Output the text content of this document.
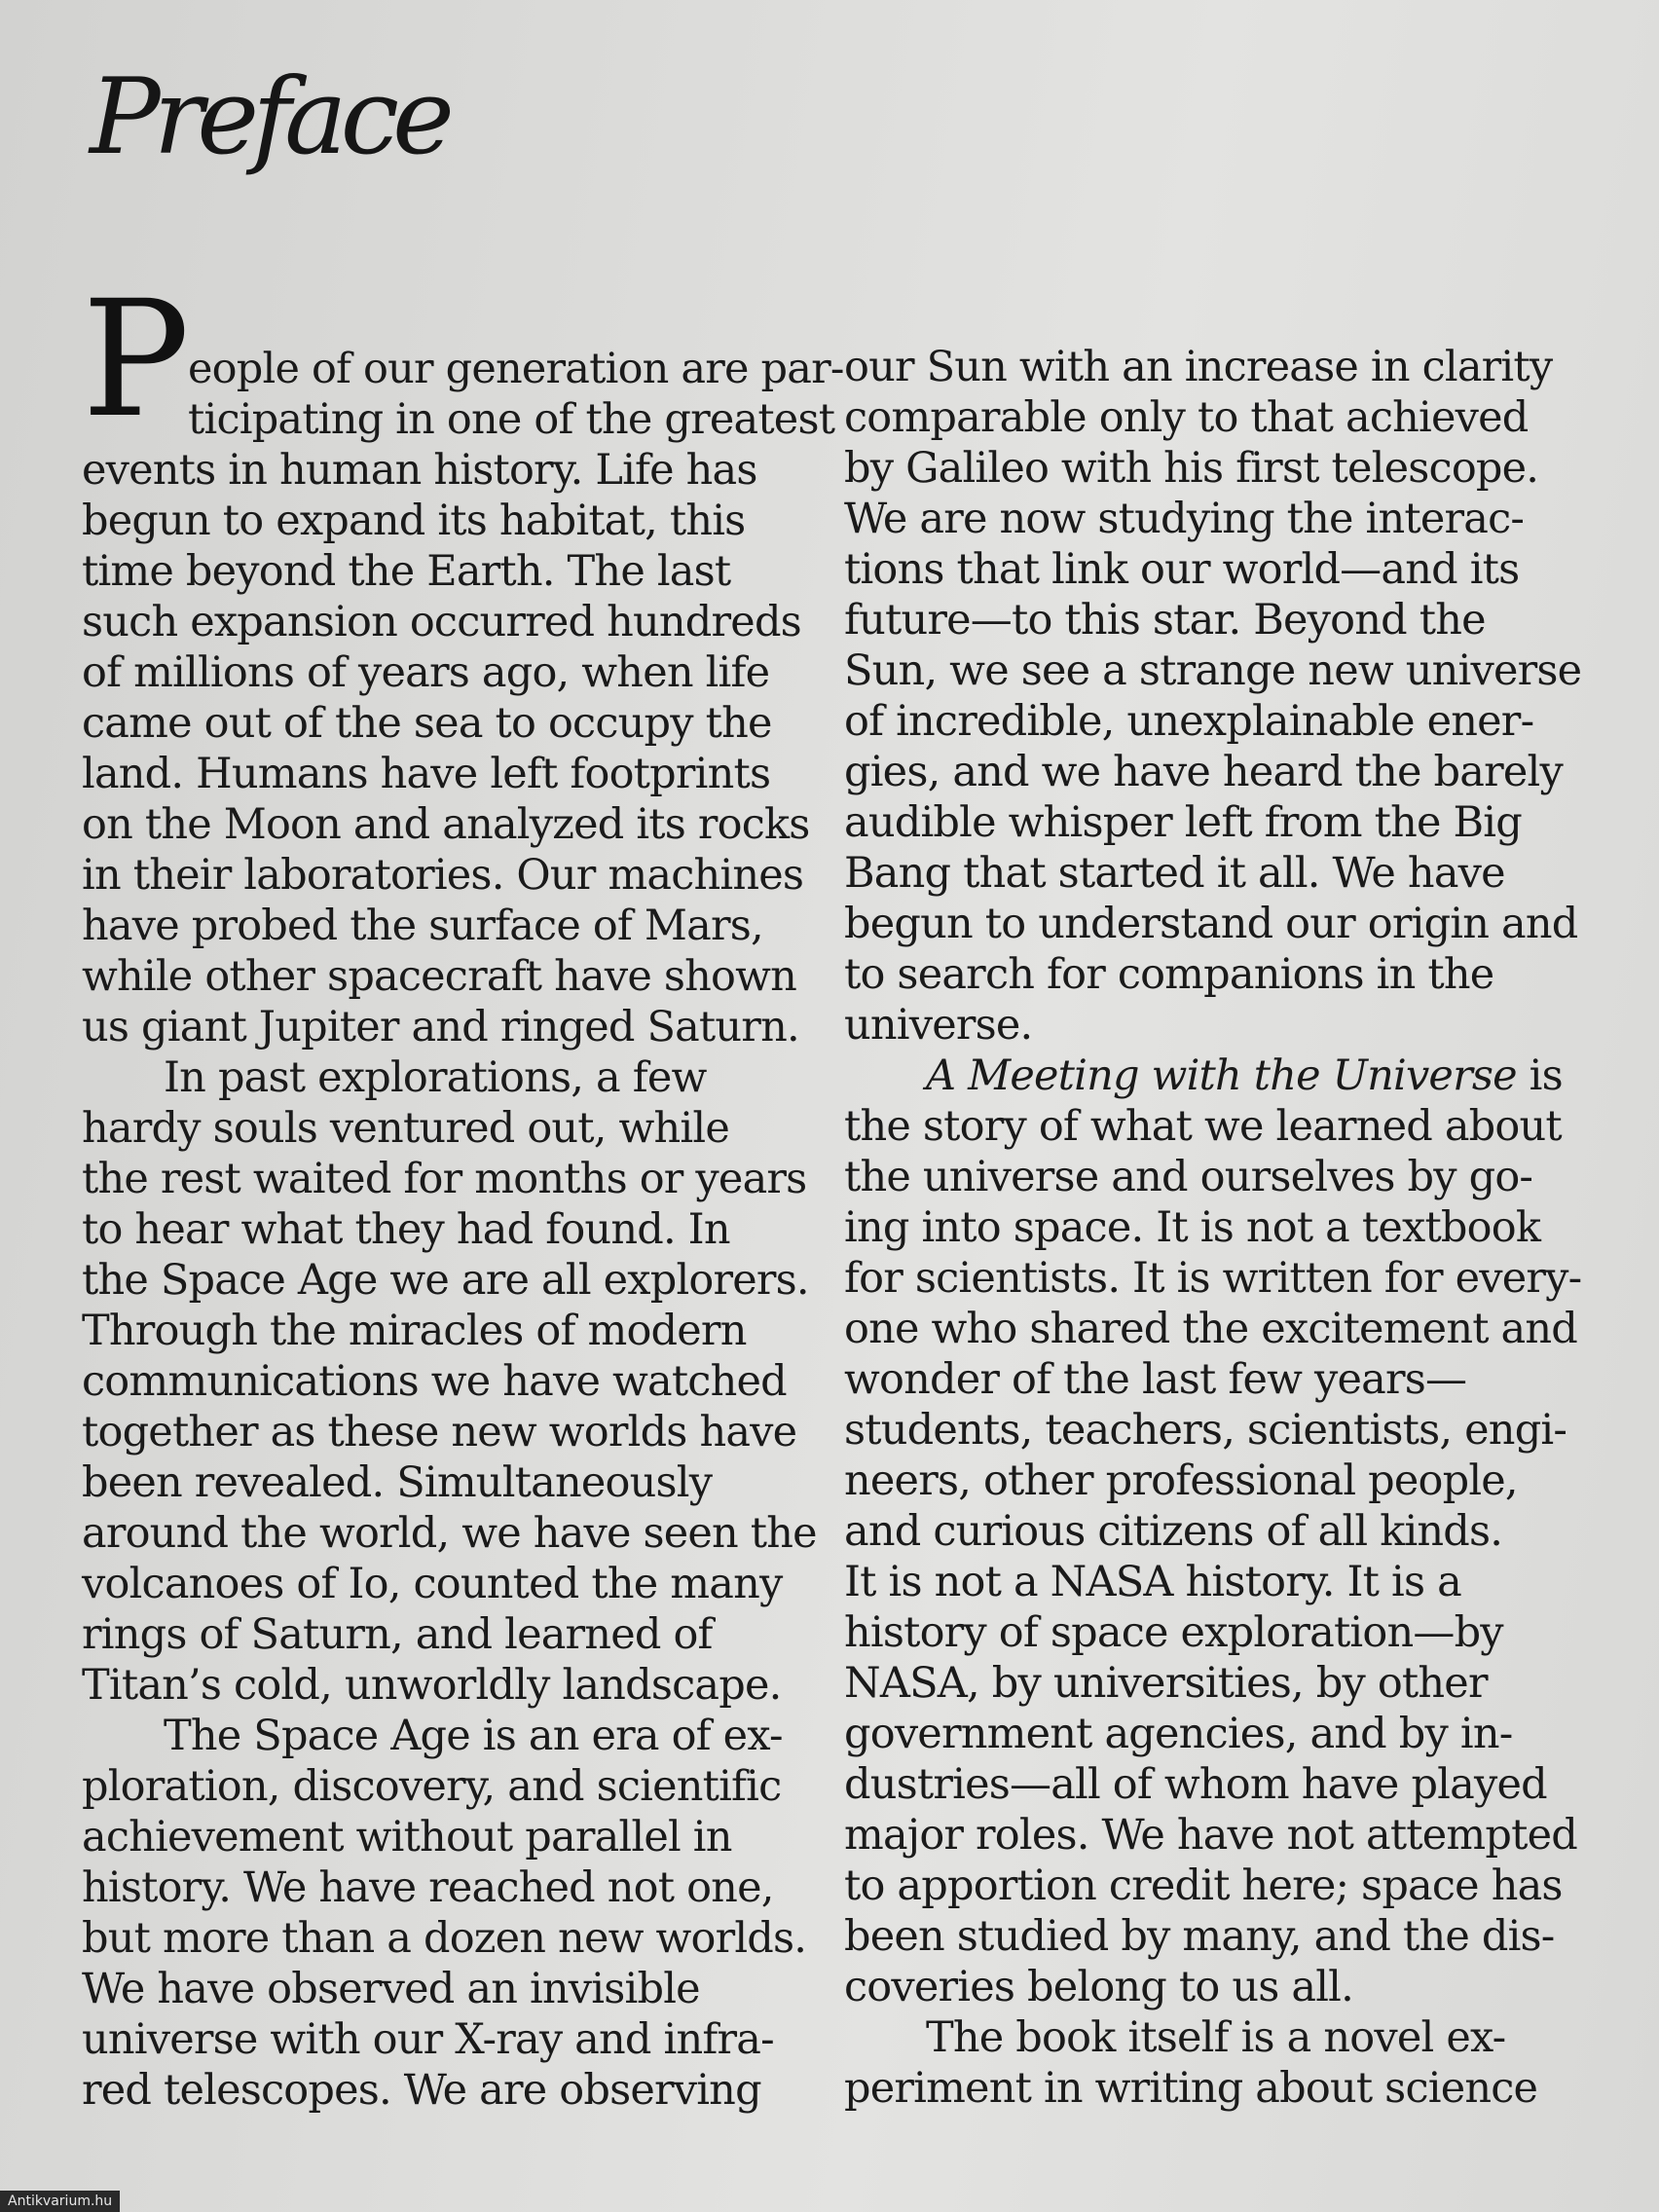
Preface
P eople of our generation are par-
ticipating in one of the greatest
events in human history. Life has
begun to expand its habitat, this
time beyond the Earth. The last
such expansion occurred hundreds
of millions of years ago, when life
came out of the sea to occupy the
land. Humans have left footprints
on the Moon and analyzed its rocks
in their laboratories. Our machines
have probed the surface of Mars,
while other spacecraft have shown
us giant Jupiter and ringed Saturn.
In past explorations, a few
hardy souls ventured out, while
the rest waited for months or years
to hear what they had found. In
the Space Age we are all explorers.
Through the miracles of modern
communications we have watched
together as these new worlds have
been revealed. Simultaneously
around the world, we have seen the
volcanoes of Io, counted the many
rings of Saturn, and learned of
Titan’s cold, unworldly landscape.
The Space Age is an era of ex-
ploration, discovery, and scientific
achievement without parallel in
history. We have reached not one,
but more than a dozen new worlds.
We have observed an invisible
universe with our X-ray and infra-
red telescopes. We are observing
our Sun with an increase in clarity
comparable only to that achieved
by Galileo with his first telescope.
We are now studying the interac-
tions that link our world—and its
future—to this star. Beyond the
Sun, we see a strange new universe
of incredible, unexplainable ener-
gies, and we have heard the barely
audible whisper left from the Big
Bang that started it all. We have
begun to understand our origin and
to search for companions in the
universe.
A Meeting with the Universe is
the story of what we learned about
the universe and ourselves by go-
ing into space. It is not a textbook
for scientists. It is written for every-
one who shared the excitement and
wonder of the last few years—
students, teachers, scientists, engi-
neers, other professional people,
and curious citizens of all kinds.
It is not a NASA history. It is a
history of space exploration—by
NASA, by universities, by other
government agencies, and by in-
dustries—all of whom have played
major roles. We have not attempted
to apportion credit here; space has
been studied by many, and the dis-
coveries belong to us all.
The book itself is a novel ex-
periment in writing about science
Antikvarium.hu
